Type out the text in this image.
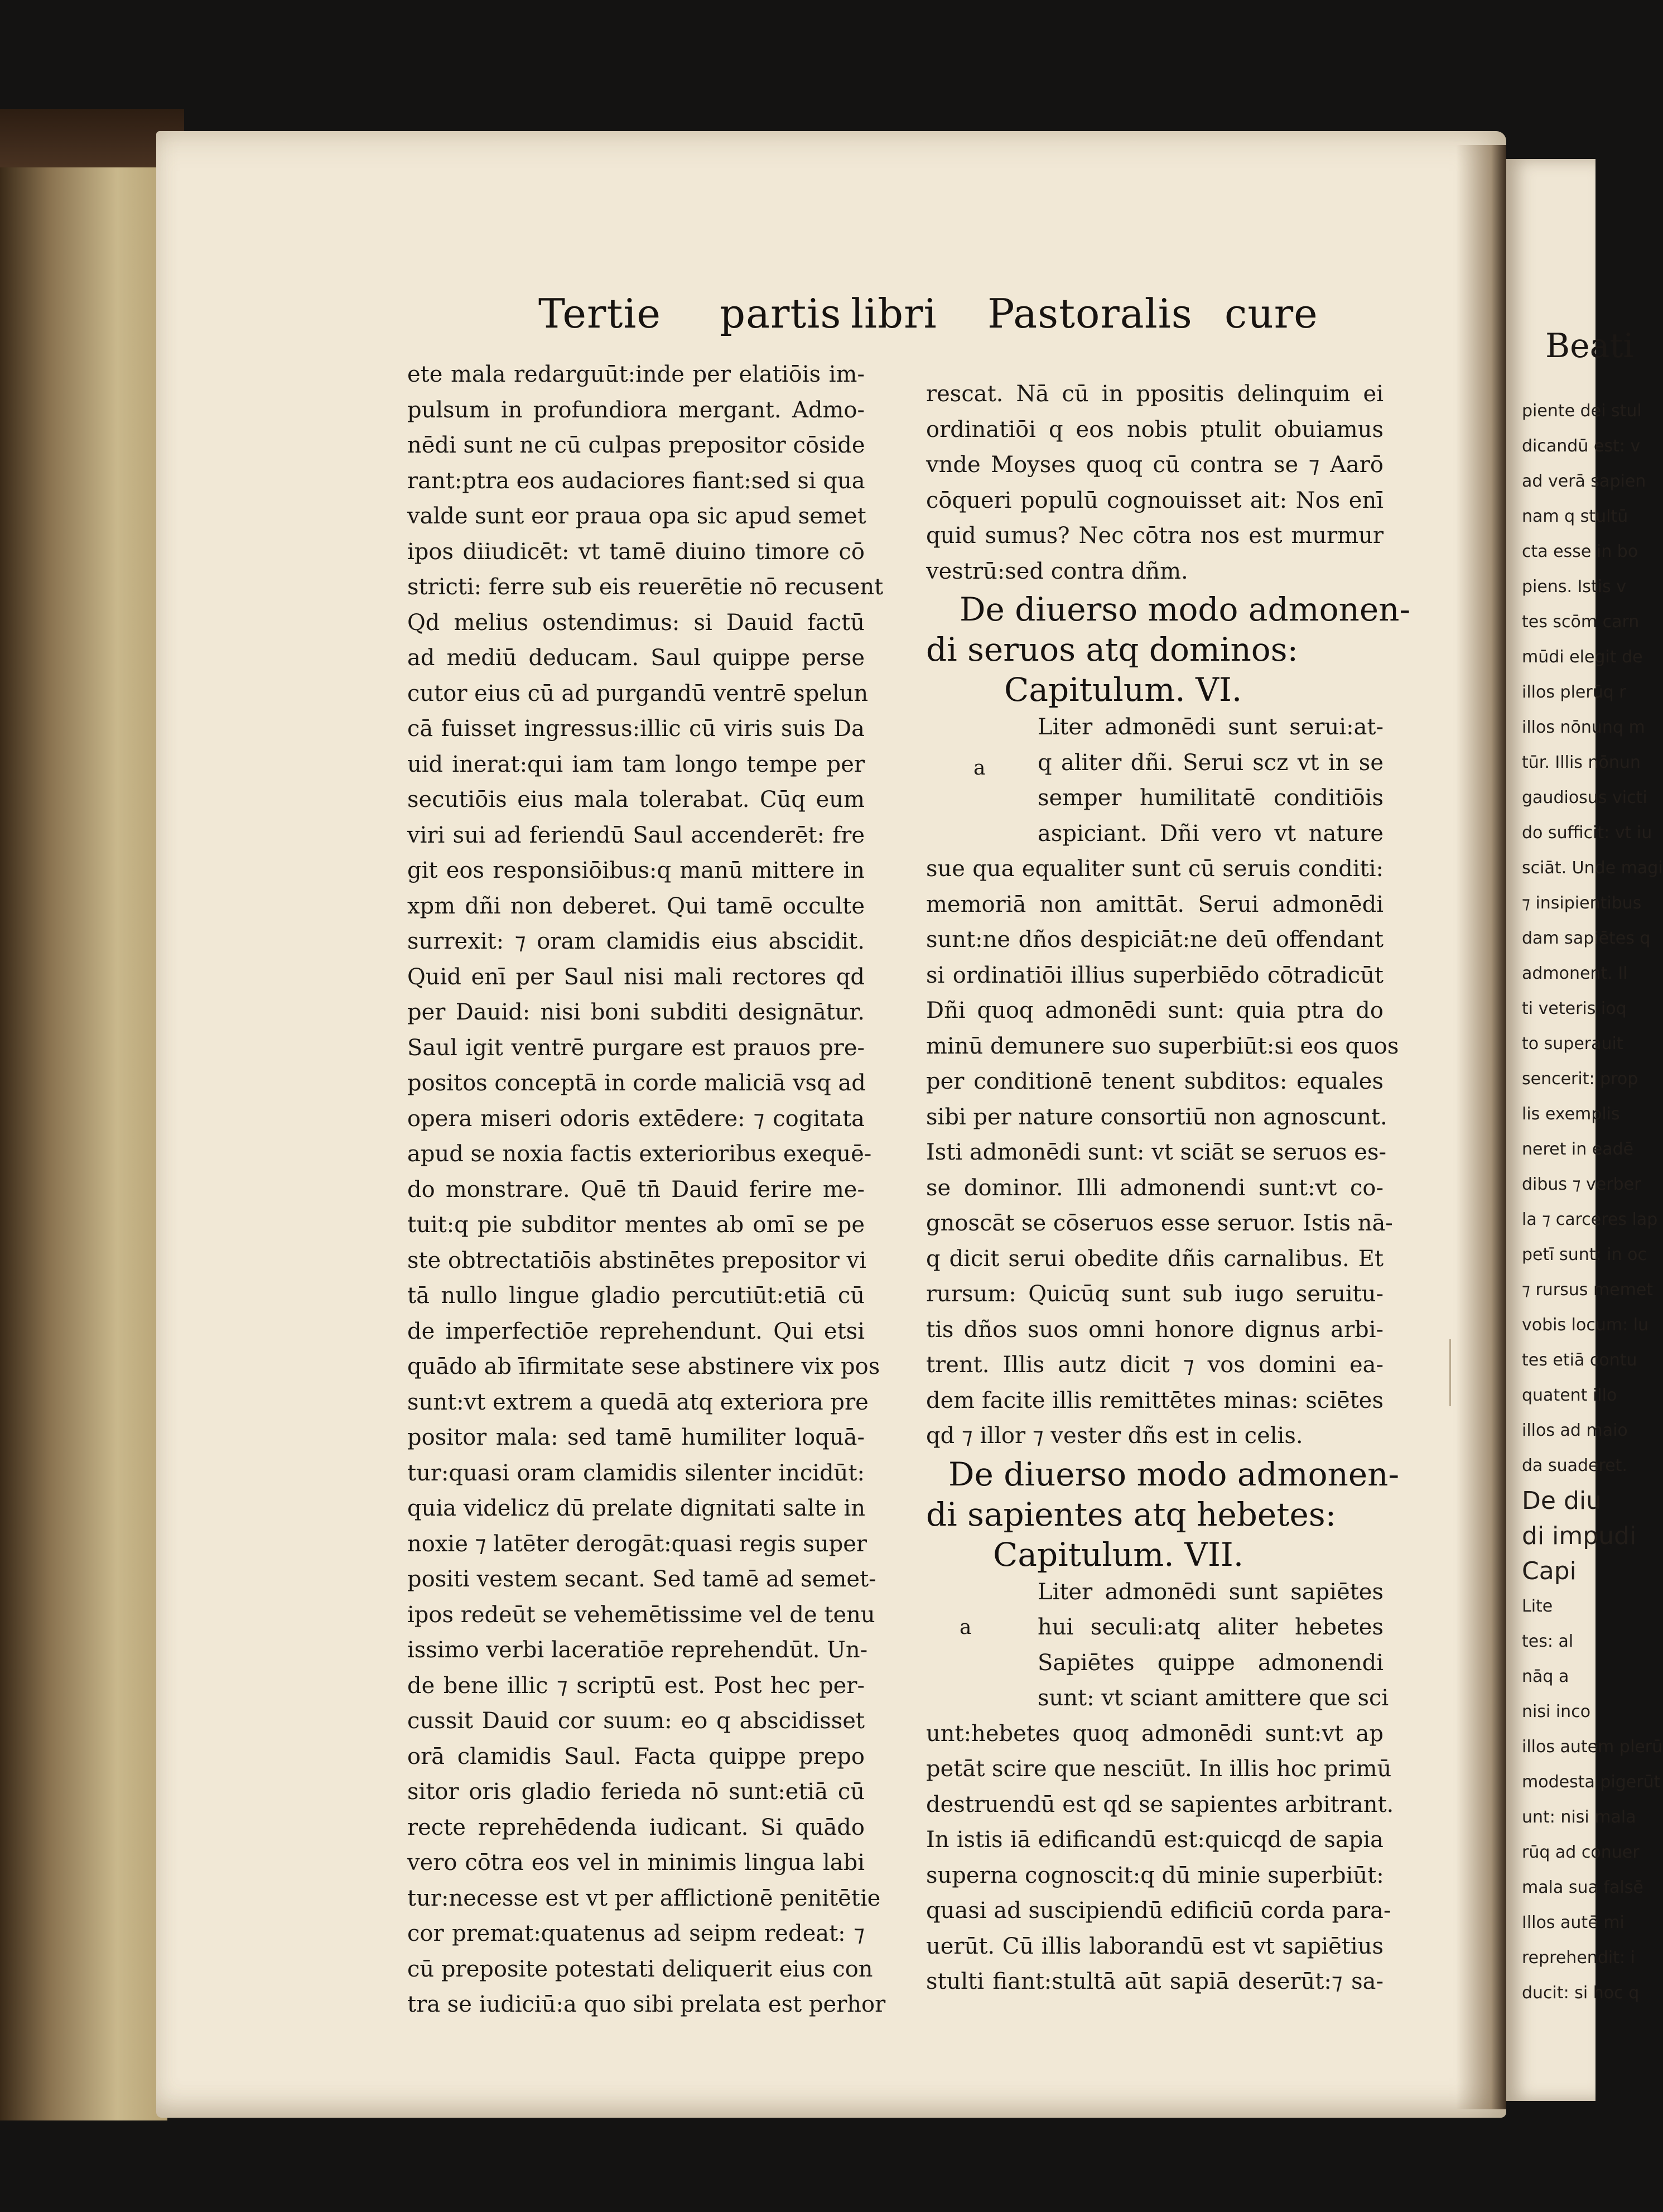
Tertie partis libri Pastoralis cure
ete mala redarguūt:inde per elatiōis im-
pulsum in profundiora mergant. Admo-
nēdi sunt ne cū culpas prepositor cōside
rant:ptra eos audaciores fiant:sed si qua
valde sunt eor praua opa sic apud semet
ipos diiudicēt: vt tamē diuino timore cō
stricti: ferre sub eis reuerētie nō recusent
Qd melius ostendimus: si Dauid factū
ad mediū deducam. Saul quippe perse
cutor eius cū ad purgandū ventrē spelun
cā fuisset ingressus:illic cū viris suis Da
uid inerat:qui iam tam longo tempe per
secutiōis eius mala tolerabat. Cūq eum
viri sui ad feriendū Saul accenderēt: fre
git eos responsiōibus:q manū mittere in
xpm dñi non deberet. Qui tamē occulte
surrexit: ⁊ oram clamidis eius abscidit.
Quid enī per Saul nisi mali rectores qd
per Dauid: nisi boni subditi designātur.
Saul igit ventrē purgare est prauos pre-
positos conceptā in corde maliciā vsq ad
opera miseri odoris extēdere: ⁊ cogitata
apud se noxia factis exterioribus exequē-
do monstrare. Quē tn̄ Dauid ferire me-
tuit:q pie subditor mentes ab omī se pe
ste obtrectatiōis abstinētes prepositor vi
tā nullo lingue gladio percutiūt:etiā cū
de imperfectiōe reprehendunt. Qui etsi
quādo ab īfirmitate sese abstinere vix pos
sunt:vt extrem a quedā atq exteriora pre
positor mala: sed tamē humiliter loquā-
tur:quasi oram clamidis silenter incidūt:
quia videlicz dū prelate dignitati salte in
noxie ⁊ latēter derogāt:quasi regis super
positi vestem secant. Sed tamē ad semet-
ipos redeūt se vehemētissime vel de tenu
issimo verbi laceratiōe reprehendūt. Un-
de bene illic ⁊ scriptū est. Post hec per-
cussit Dauid cor suum: eo q abscidisset
orā clamidis Saul. Facta quippe prepo
sitor oris gladio ferieda nō sunt:etiā cū
recte reprehēdenda iudicant. Si quādo
vero cōtra eos vel in minimis lingua labi
tur:necesse est vt per afflictionē penitētie
cor premat:quatenus ad seipm redeat: ⁊
cū preposite potestati deliquerit eius con
tra se iudiciū:a quo sibi prelata est perhor
rescat. Nā cū in ppositis delinquim ei
ordinatiōi q eos nobis ptulit obuiamus
vnde Moyses quoq cū contra se ⁊ Aarō
cōqueri populū cognouisset ait: Nos enī
quid sumus? Nec cōtra nos est murmur
vestrū:sed contra dñm.
De diuerso modo admonen-
di seruos atq dominos:
Capitulum. VI.
a
Liter admonēdi sunt serui:at-
q aliter dñi. Serui scz vt in se
semper humilitatē conditiōis
aspiciant. Dñi vero vt nature
sue qua equaliter sunt cū seruis conditi:
memoriā non amittāt. Serui admonēdi
sunt:ne dños despiciāt:ne deū offendant
si ordinatiōi illius superbiēdo cōtradicūt
Dñi quoq admonēdi sunt: quia ptra do
minū demunere suo superbiūt:si eos quos
per conditionē tenent subditos: equales
sibi per nature consortiū non agnoscunt.
Isti admonēdi sunt: vt sciāt se seruos es-
se dominor. Illi admonendi sunt:vt co-
gnoscāt se cōseruos esse seruor. Istis nā-
q dicit serui obedite dñis carnalibus. Et
rursum: Quicūq sunt sub iugo seruitu-
tis dños suos omni honore dignus arbi-
trent. Illis autz dicit ⁊ vos domini ea-
dem facite illis remittētes minas: sciētes
qd ⁊ illor ⁊ vester dñs est in celis.
De diuerso modo admonen-
di sapientes atq hebetes:
Capitulum. VII.
a
Liter admonēdi sunt sapiētes
hui seculi:atq aliter hebetes
Sapiētes quippe admonendi
sunt: vt sciant amittere que sci
unt:hebetes quoq admonēdi sunt:vt ap
petāt scire que nesciūt. In illis hoc primū
destruendū est qd se sapientes arbitrant.
In istis iā edificandū est:quicqd de sapia
superna cognoscit:q dū minie superbiūt:
quasi ad suscipiendū edificiū corda para-
uerūt. Cū illis laborandū est vt sapiētius
stulti fiant:stultā aūt sapiā deserūt:⁊ sa-
Beati
piente dei stul
dicandū est: v
ad verā sapien
nam q stultū
cta esse in bo
piens. Istis v
tes scōm carn
mūdi elegit de
illos plerūq r
illos nōnunq m
tūr. Illis nōnun
gaudiosus victi
do sufficit: vt iu
sciāt. Unde magi
⁊ insipientibus
dam sapiētes q
admonent. Il
ti veteris ioq
to superauit
sencerit: prop
lis exemplis
neret in eadē
dibus ⁊ verber
la ⁊ carceres lap
petī sunt: in oc
⁊ rursus memet
vobis locum: lu
tes etiā contu
quatent illo
illos ad maio
da suaderet.
De diu
di impudi
Capi
Lite
tes: al
nāq a
nisi inco
illos autem plerū
modesta pigerūt
unt: nisi mala
rūq ad conuer
mala sua falsē
Illos autē mi
reprehendit: i
ducit: si hoc q
